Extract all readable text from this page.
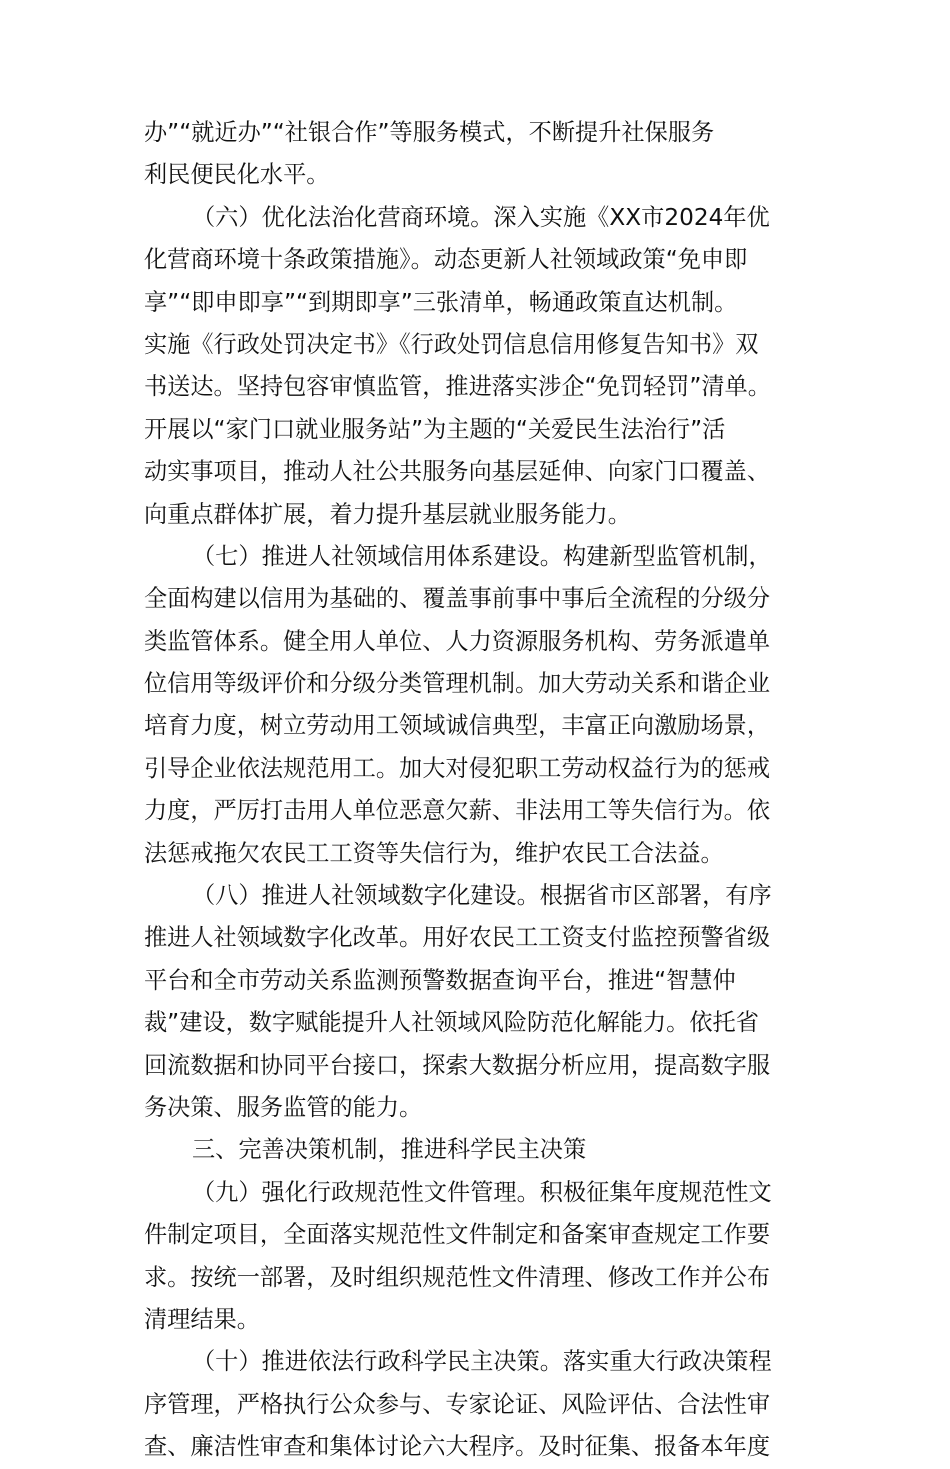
办”“就近办”“社银合作”等服务模式，不断提升社保服务
利民便民化水平。
（六）优化法治化营商环境。深入实施《XX市2024年优
化营商环境十条政策措施》。动态更新人社领域政策“免申即
享”“即申即享”“到期即享”三张清单，畅通政策直达机制。
实施《行政处罚决定书》《行政处罚信息信用修复告知书》双
书送达。坚持包容审慎监管，推进落实涉企“免罚轻罚”清单。
开展以“家门口就业服务站”为主题的“关爱民生法治行”活
动实事项目，推动人社公共服务向基层延伸、向家门口覆盖、
向重点群体扩展，着力提升基层就业服务能力。
（七）推进人社领域信用体系建设。构建新型监管机制，
全面构建以信用为基础的、覆盖事前事中事后全流程的分级分
类监管体系。健全用人单位、人力资源服务机构、劳务派遣单
位信用等级评价和分级分类管理机制。加大劳动关系和谐企业
培育力度，树立劳动用工领域诚信典型，丰富正向激励场景，
引导企业依法规范用工。加大对侵犯职工劳动权益行为的惩戒
力度，严厉打击用人单位恶意欠薪、非法用工等失信行为。依
法惩戒拖欠农民工工资等失信行为，维护农民工合法益。
（八）推进人社领域数字化建设。根据省市区部署，有序
推进人社领域数字化改革。用好农民工工资支付监控预警省级
平台和全市劳动关系监测预警数据查询平台，推进“智慧仲
裁”建设，数字赋能提升人社领域风险防范化解能力。依托省
回流数据和协同平台接口，探索大数据分析应用，提高数字服
务决策、服务监管的能力。
三、完善决策机制，推进科学民主决策
（九）强化行政规范性文件管理。积极征集年度规范性文
件制定项目，全面落实规范性文件制定和备案审查规定工作要
求。按统一部署，及时组织规范性文件清理、修改工作并公布
清理结果。
（十）推进依法行政科学民主决策。落实重大行政决策程
序管理，严格执行公众参与、专家论证、风险评估、合法性审
查、廉洁性审查和集体讨论六大程序。及时征集、报备本年度
